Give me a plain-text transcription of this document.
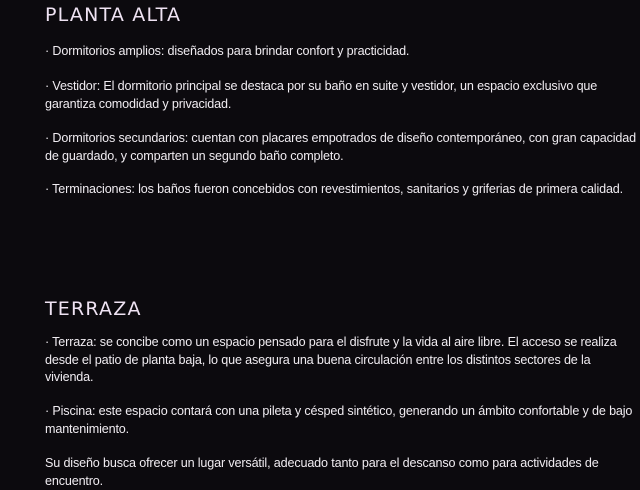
PLANTA ALTA

· Dormitorios amplios: diseñados para brindar confort y practicidad.

· Vestidor: El dormitorio principal se destaca por su baño en suite y vestidor, un espacio exclusivo que garantiza comodidad y privacidad.

· Dormitorios secundarios: cuentan con placares empotrados de diseño contemporáneo, con gran capacidad de guardado, y comparten un segundo baño completo.

· Terminaciones: los baños fueron concebidos con revestimientos, sanitarios y griferias de primera calidad.

TERRAZA

· Terraza: se concibe como un espacio pensado para el disfrute y la vida al aire libre. El acceso se realiza desde el patio de planta baja, lo que asegura una buena circulación entre los distintos sectores de la vivienda.

· Piscina: este espacio contará con una pileta y césped sintético, generando un ámbito confortable y de bajo mantenimiento.

Su diseño busca ofrecer un lugar versátil, adecuado tanto para el descanso como para actividades de encuentro.
